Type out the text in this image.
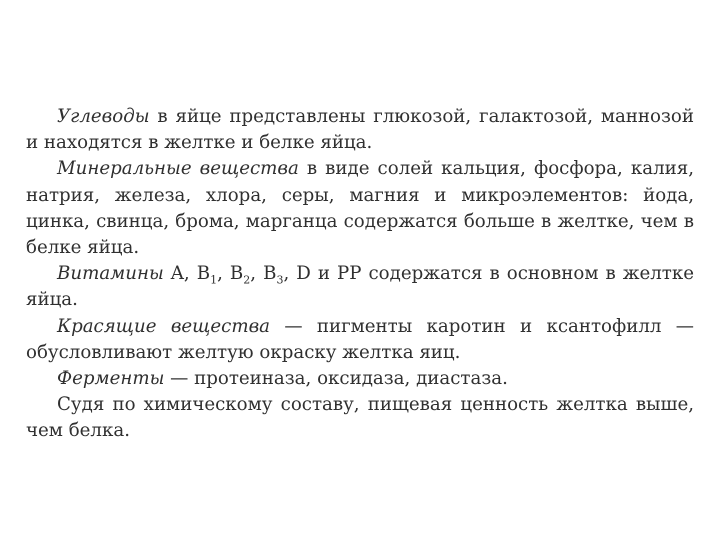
Углеводы в яйце представлены глюкозой, галактозой, маннозой и находятся в желтке и белке яйца.

Минеральные вещества в виде солей кальция, фосфора, калия, натрия, железа, хлора, серы, магния и микроэлементов: йода, цинка, свинца, брома, марганца содержатся больше в желтке, чем в белке яйца.

Витамины A, $B_1$, $B_2$, $B_3$, D и PP содержатся в основном в желтке яйца.

Красящие вещества — пигменты каротин и ксантофилл — обусловливают желтую окраску желтка яиц.

Ферменты — протеиназа, оксидаза, диастаза.

Судя по химическому составу, пищевая ценность желтка выше, чем белка.
